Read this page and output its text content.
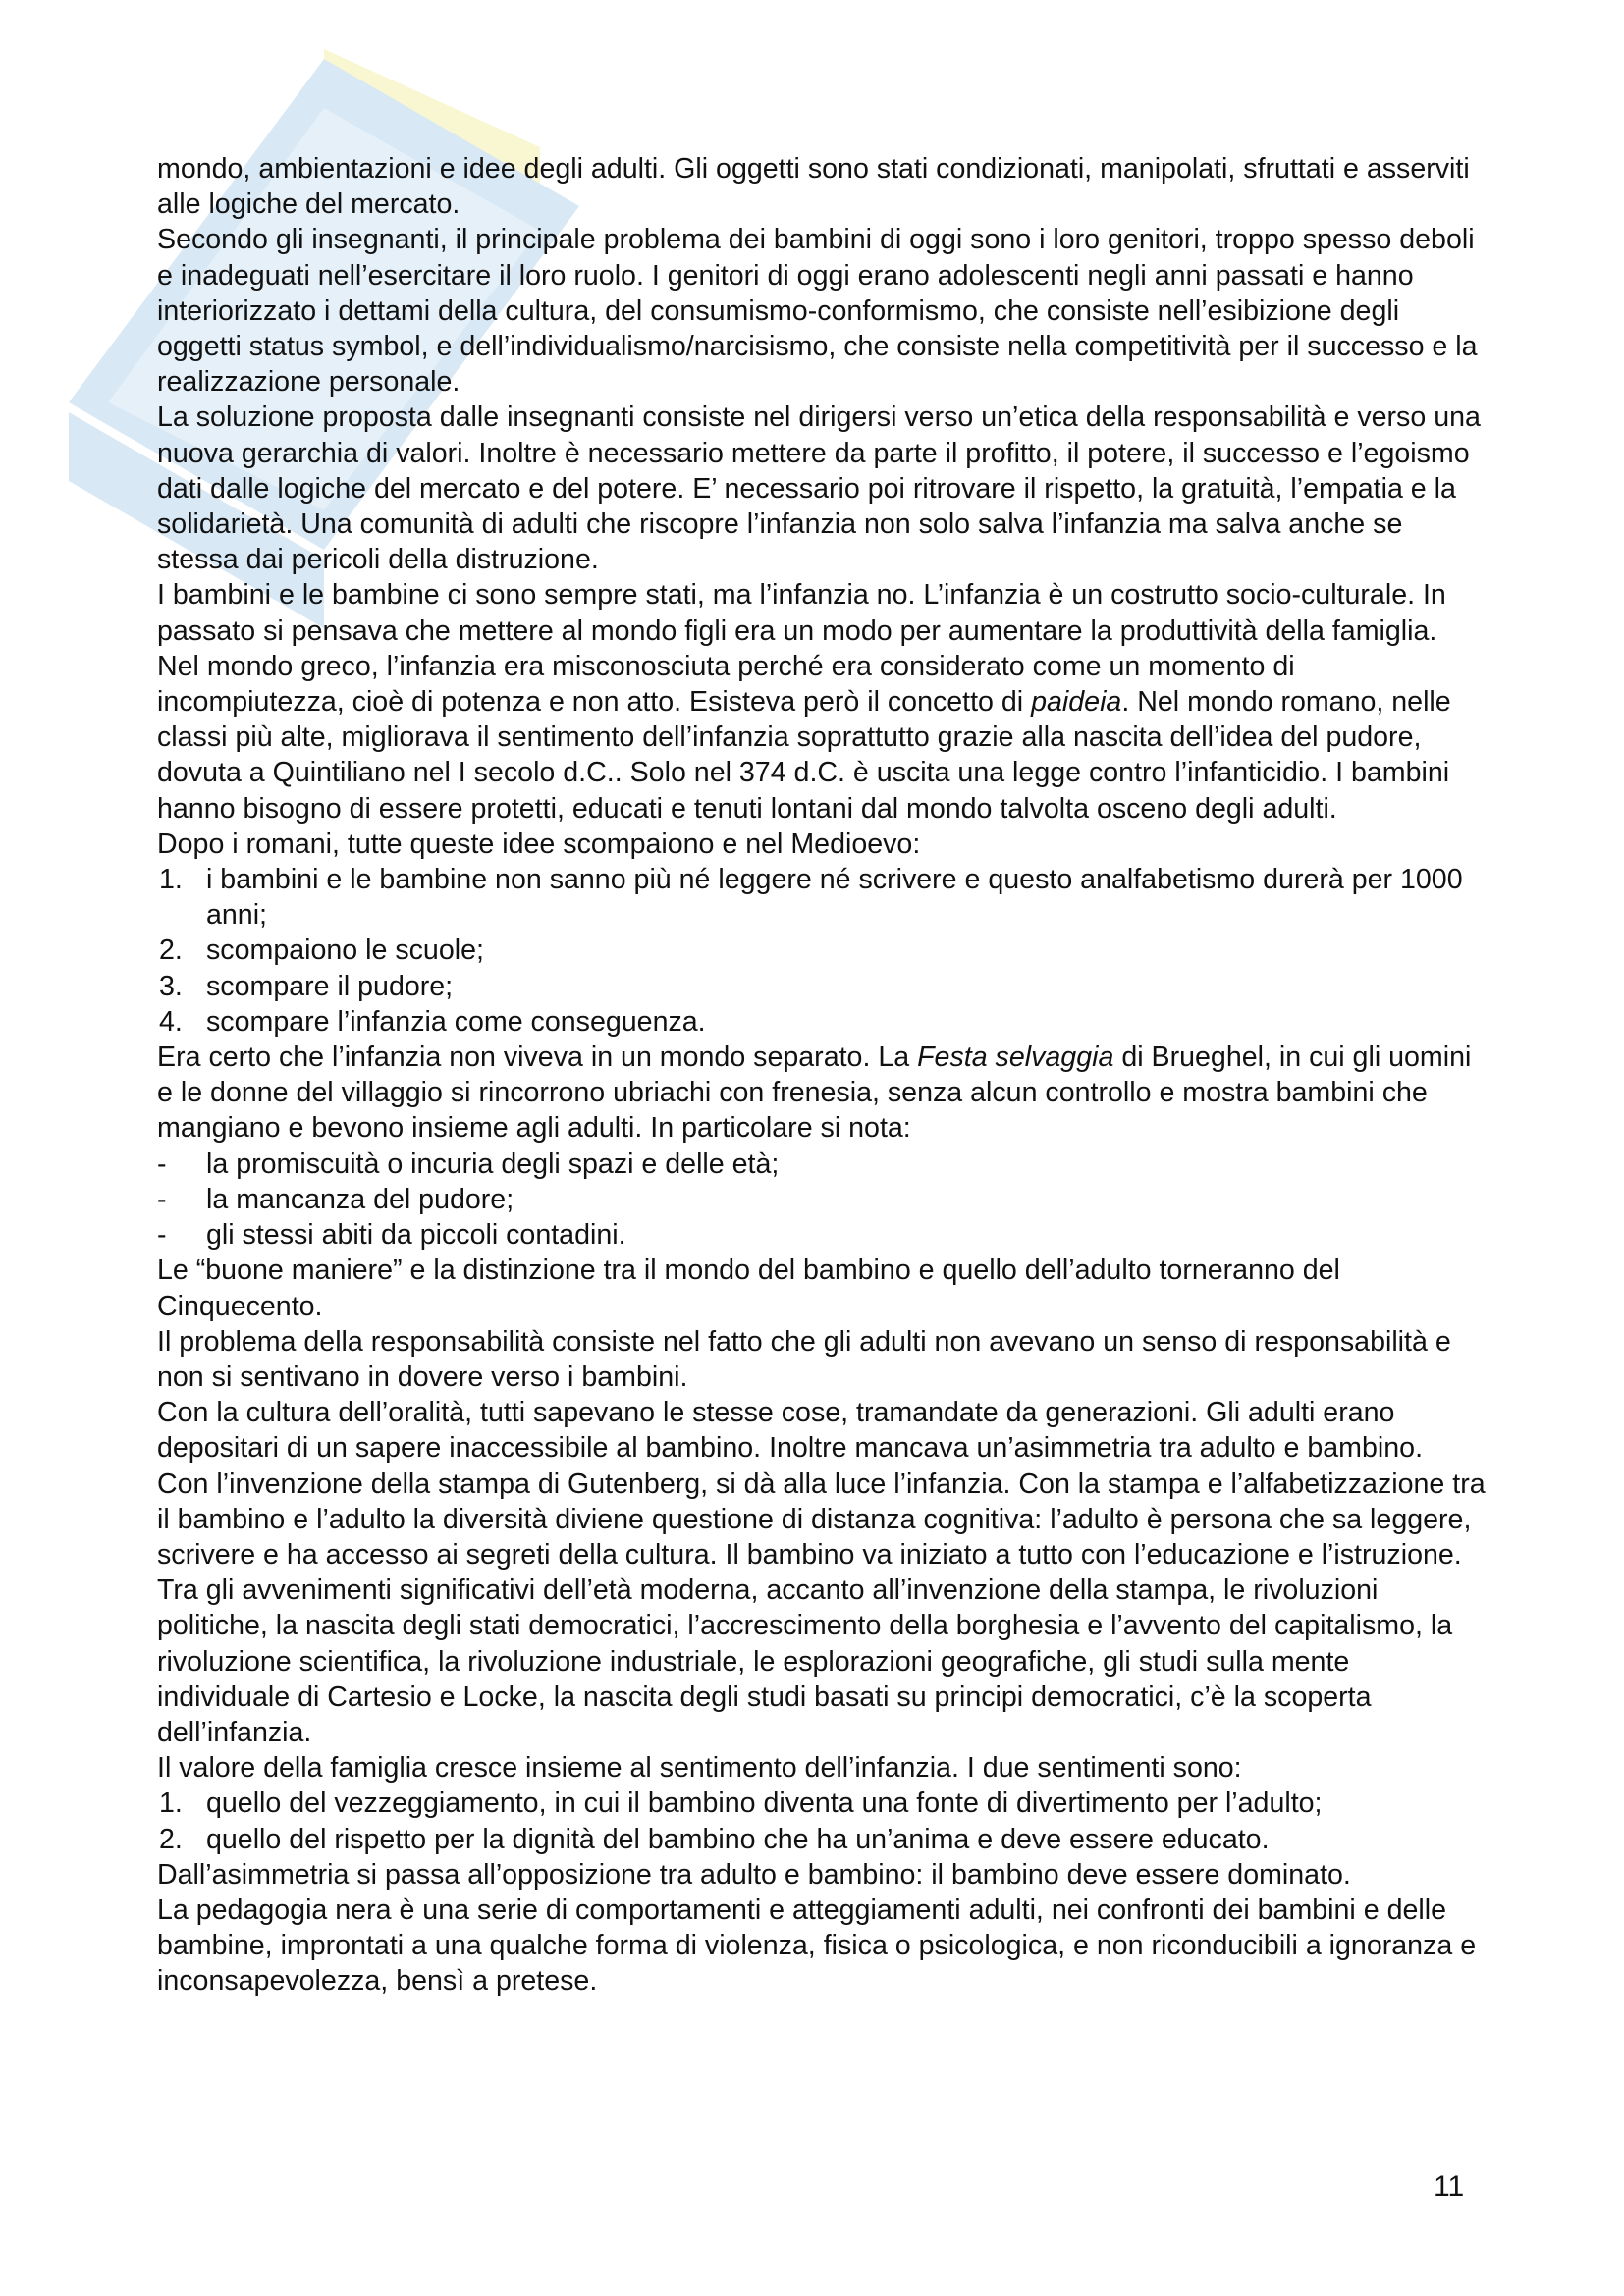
mondo, ambientazioni e idee degli adulti. Gli oggetti sono stati condizionati, manipolati, sfruttati e asserviti alle logiche del mercato.

Secondo gli insegnanti, il principale problema dei bambini di oggi sono i loro genitori, troppo spesso deboli e inadeguati nell’esercitare il loro ruolo. I genitori di oggi erano adolescenti negli anni passati e hanno interiorizzato i dettami della cultura, del consumismo-conformismo, che consiste nell’esibizione degli oggetti status symbol, e dell’individualismo/narcisismo, che consiste nella competitività per il successo e la realizzazione personale.

La soluzione proposta dalle insegnanti consiste nel dirigersi verso un’etica della responsabilità e verso una nuova gerarchia di valori. Inoltre è necessario mettere da parte il profitto, il potere, il successo e l’egoismo dati dalle logiche del mercato e del potere. E’ necessario poi ritrovare il rispetto, la gratuità, l’empatia e la solidarietà. Una comunità di adulti che riscopre l’infanzia non solo salva l’infanzia ma salva anche se stessa dai pericoli della distruzione.

I bambini e le bambine ci sono sempre stati, ma l’infanzia no. L’infanzia è un costrutto socio-culturale. In passato si pensava che mettere al mondo figli era un modo per aumentare la produttività della famiglia.

Nel mondo greco, l’infanzia era misconosciuta perché era considerato come un momento di incompiutezza, cioè di potenza e non atto. Esisteva però il concetto di paideia. Nel mondo romano, nelle classi più alte, migliorava il sentimento dell’infanzia soprattutto grazie alla nascita dell’idea del pudore, dovuta a Quintiliano nel I secolo d.C.. Solo nel 374 d.C. è uscita una legge contro l’infanticidio. I bambini hanno bisogno di essere protetti, educati e tenuti lontani dal mondo talvolta osceno degli adulti.

Dopo i romani, tutte queste idee scompaiono e nel Medioevo:

1. i bambini e le bambine non sanno più né leggere né scrivere e questo analfabetismo durerà per 1000 anni;
2. scompaiono le scuole;
3. scompare il pudore;
4. scompare l’infanzia come conseguenza.

Era certo che l’infanzia non viveva in un mondo separato. La Festa selvaggia di Brueghel, in cui gli uomini e le donne del villaggio si rincorrono ubriachi con frenesia, senza alcun controllo e mostra bambini che mangiano e bevono insieme agli adulti. In particolare si nota:

- la promiscuità o incuria degli spazi e delle età;
- la mancanza del pudore;
- gli stessi abiti da piccoli contadini.

Le “buone maniere” e la distinzione tra il mondo del bambino e quello dell’adulto torneranno del Cinquecento.

Il problema della responsabilità consiste nel fatto che gli adulti non avevano un senso di responsabilità e non si sentivano in dovere verso i bambini.

Con la cultura dell’oralità, tutti sapevano le stesse cose, tramandate da generazioni. Gli adulti erano depositari di un sapere inaccessibile al bambino. Inoltre mancava un’asimmetria tra adulto e bambino.

Con l’invenzione della stampa di Gutenberg, si dà alla luce l’infanzia. Con la stampa e l’alfabetizzazione tra il bambino e l’adulto la diversità diviene questione di distanza cognitiva: l’adulto è persona che sa leggere, scrivere e ha accesso ai segreti della cultura. Il bambino va iniziato a tutto con l’educazione e l’istruzione.

Tra gli avvenimenti significativi dell’età moderna, accanto all’invenzione della stampa, le rivoluzioni politiche, la nascita degli stati democratici, l’accrescimento della borghesia e l’avvento del capitalismo, la rivoluzione scientifica, la rivoluzione industriale, le esplorazioni geografiche, gli studi sulla mente individuale di Cartesio e Locke, la nascita degli studi basati su principi democratici, c’è la scoperta dell’infanzia.

Il valore della famiglia cresce insieme al sentimento dell’infanzia. I due sentimenti sono:

1. quello del vezzeggiamento, in cui il bambino diventa una fonte di divertimento per l’adulto;
2. quello del rispetto per la dignità del bambino che ha un’anima e deve essere educato.

Dall’asimmetria si passa all’opposizione tra adulto e bambino: il bambino deve essere dominato.

La pedagogia nera è una serie di comportamenti e atteggiamenti adulti, nei confronti dei bambini e delle bambine, improntati a una qualche forma di violenza, fisica o psicologica, e non riconducibili a ignoranza e inconsapevolezza, bensì a pretese.

11
